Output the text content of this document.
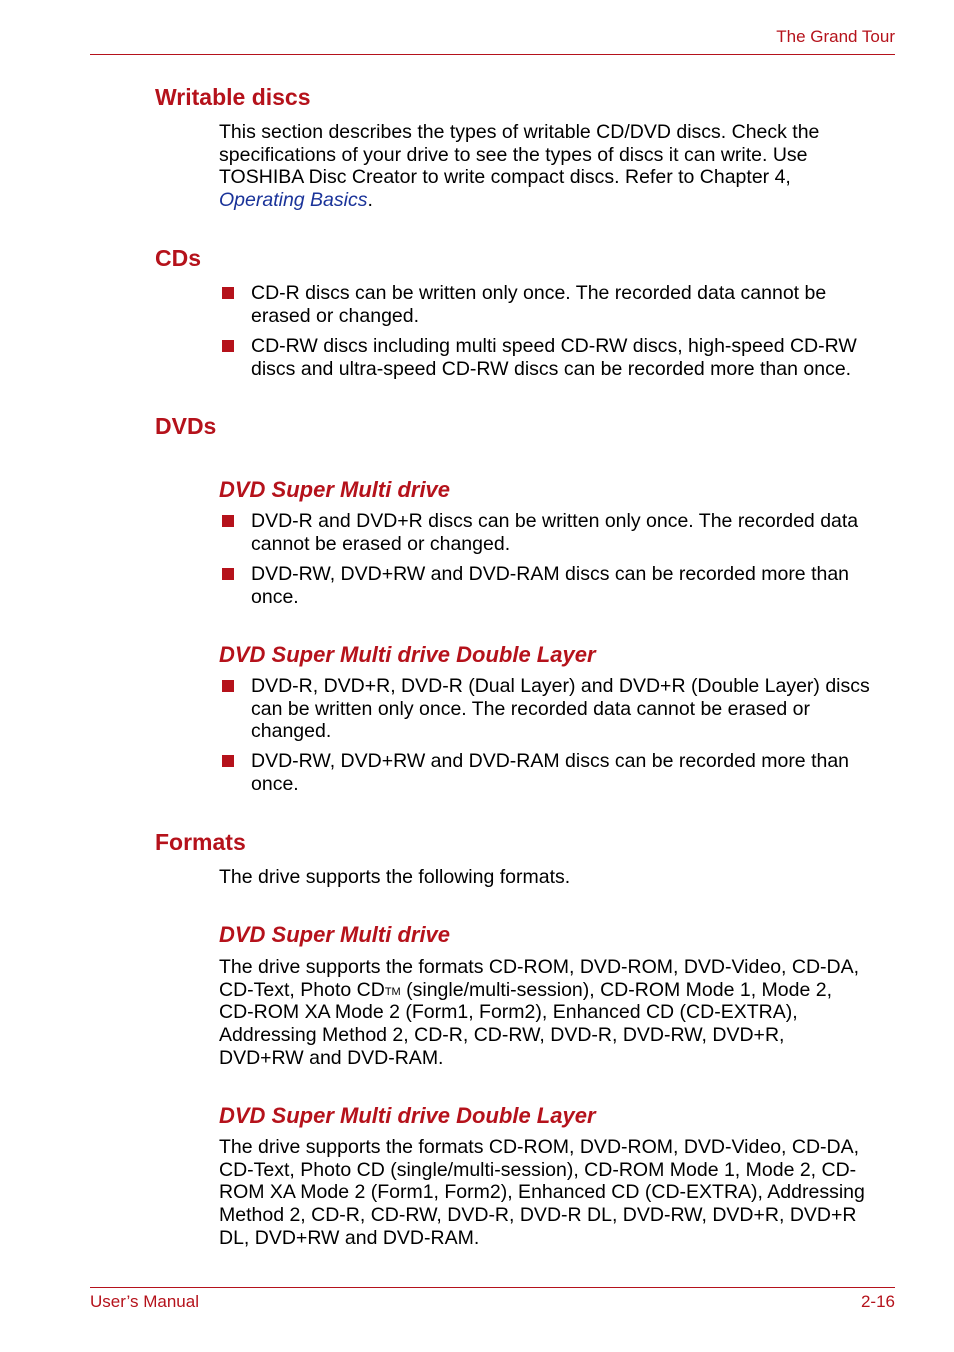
The Grand Tour
Writable discs
This section describes the types of writable CD/DVD discs. Check the
specifications of your drive to see the types of discs it can write. Use
TOSHIBA Disc Creator to write compact discs. Refer to Chapter 4,
Operating Basics.
CDs
CD-R discs can be written only once. The recorded data cannot be
erased or changed.
CD-RW discs including multi speed CD-RW discs, high-speed CD-RW
discs and ultra-speed CD-RW discs can be recorded more than once.
DVDs
DVD Super Multi drive
DVD-R and DVD+R discs can be written only once. The recorded data
cannot be erased or changed.
DVD-RW, DVD+RW and DVD-RAM discs can be recorded more than
once.
DVD Super Multi drive Double Layer
DVD-R, DVD+R, DVD-R (Dual Layer) and DVD+R (Double Layer) discs
can be written only once. The recorded data cannot be erased or
changed.
DVD-RW, DVD+RW and DVD-RAM discs can be recorded more than
once.
Formats
The drive supports the following formats.
DVD Super Multi drive
The drive supports the formats CD-ROM, DVD-ROM, DVD-Video, CD-DA,
CD-Text, Photo CD™ (single/multi-session), CD-ROM Mode 1, Mode 2,
CD-ROM XA Mode 2 (Form1, Form2), Enhanced CD (CD-EXTRA),
Addressing Method 2, CD-R, CD-RW, DVD-R, DVD-RW, DVD+R,
DVD+RW and DVD-RAM.
DVD Super Multi drive Double Layer
The drive supports the formats CD-ROM, DVD-ROM, DVD-Video, CD-DA,
CD-Text, Photo CD (single/multi-session), CD-ROM Mode 1, Mode 2, CD-
ROM XA Mode 2 (Form1, Form2), Enhanced CD (CD-EXTRA), Addressing
Method 2, CD-R, CD-RW, DVD-R, DVD-R DL, DVD-RW, DVD+R, DVD+R
DL, DVD+RW and DVD-RAM.
User’s Manual	2-16
